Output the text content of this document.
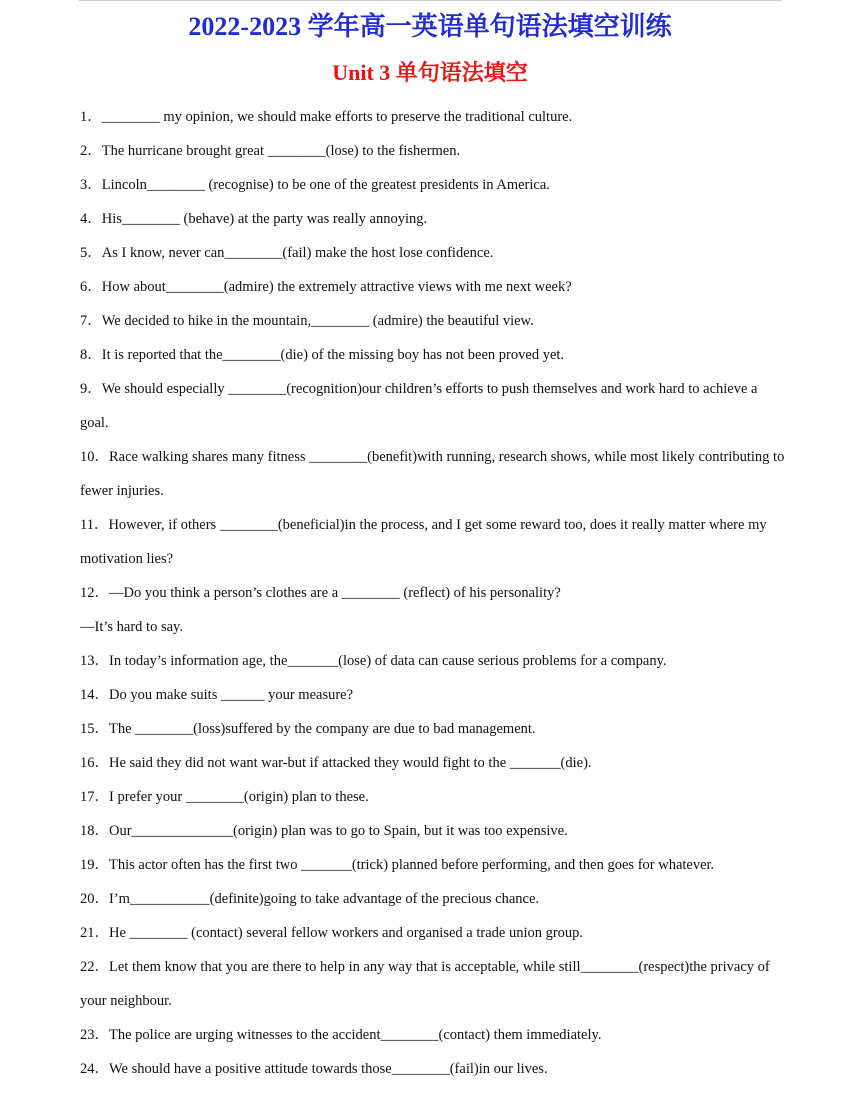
2022-2023 学年高一英语单句语法填空训练
Unit 3 单句语法填空

1．________ my opinion, we should make efforts to preserve the traditional culture.

2．The hurricane brought great ________(lose) to the fishermen.

3．Lincoln________ (recognise) to be one of the greatest presidents in America.

4．His________ (behave) at the party was really annoying.

5．As I know, never can________(fail) make the host lose confidence.

6．How about________(admire) the extremely attractive views with me next week?

7．We decided to hike in the mountain,________ (admire) the beautiful view.

8．It is reported that the________(die) of the missing boy has not been proved yet.

9．We should especially ________(recognition)our children’s efforts to push themselves and work hard to achieve a goal.

10．Race walking shares many fitness ________(benefit)with running, research shows, while most likely contributing to fewer injuries.

11．However, if others ________(beneficial)in the process, and I get some reward too, does it really matter where my motivation lies?

12．—Do you think a person’s clothes are a ________ (reflect) of his personality?

—It’s hard to say.

13．In today’s information age, the_______(lose) of data can cause serious problems for a company.

14．Do you make suits ______ your measure?

15．The ________(loss)suffered by the company are due to bad management.

16．He said they did not want war-but if attacked they would fight to the _______(die).

17．I prefer your ________(origin) plan to these.

18．Our______________(origin) plan was to go to Spain, but it was too expensive.

19．This actor often has the first two _______(trick) planned before performing, and then goes for whatever.

20．I’m___________(definite)going to take advantage of the precious chance.

21．He ________ (contact) several fellow workers and organised a trade union group.

22．Let them know that you are there to help in any way that is acceptable, while still________(respect)the privacy of your neighbour.

23．The police are urging witnesses to the accident________(contact) them immediately.

24．We should have a positive attitude towards those________(fail)in our lives.
